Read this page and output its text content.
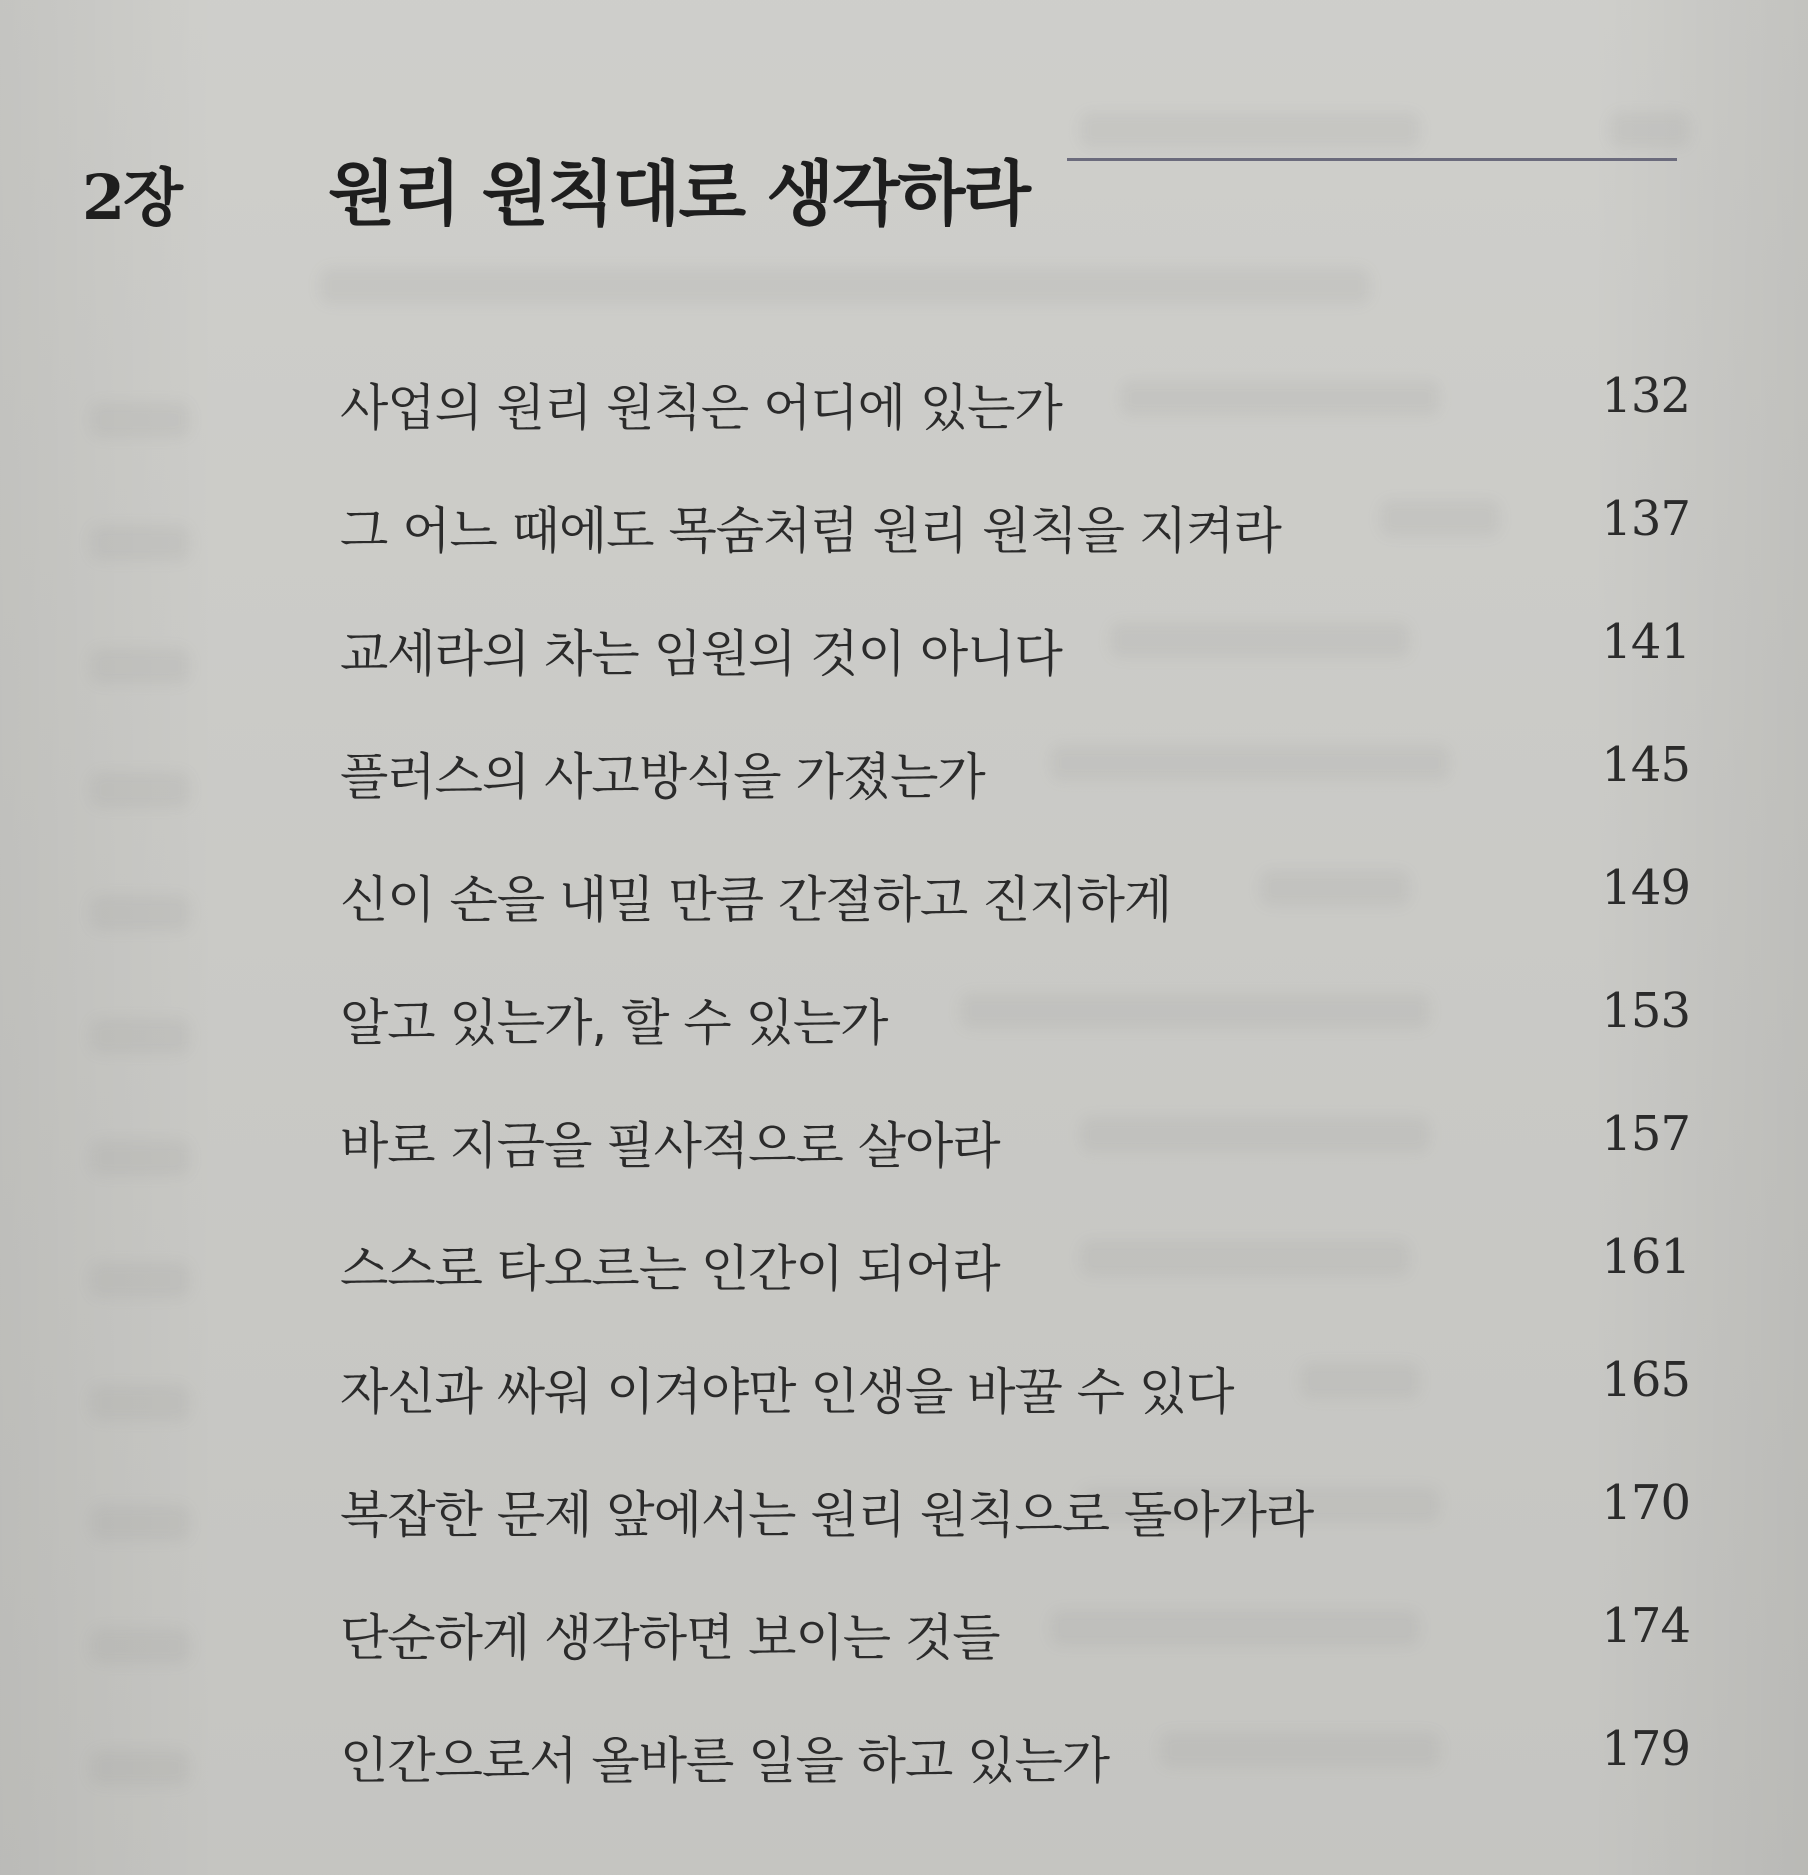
2장 원리 원칙대로 생각하라
사업의 원리 원칙은 어디에 있는가	132
그 어느 때에도 목숨처럼 원리 원칙을 지켜라	137
교세라의 차는 임원의 것이 아니다	141
플러스의 사고방식을 가졌는가	145
신이 손을 내밀 만큼 간절하고 진지하게	149
알고 있는가, 할 수 있는가	153
바로 지금을 필사적으로 살아라	157
스스로 타오르는 인간이 되어라	161
자신과 싸워 이겨야만 인생을 바꿀 수 있다	165
복잡한 문제 앞에서는 원리 원칙으로 돌아가라	170
단순하게 생각하면 보이는 것들	174
인간으로서 올바른 일을 하고 있는가	179
